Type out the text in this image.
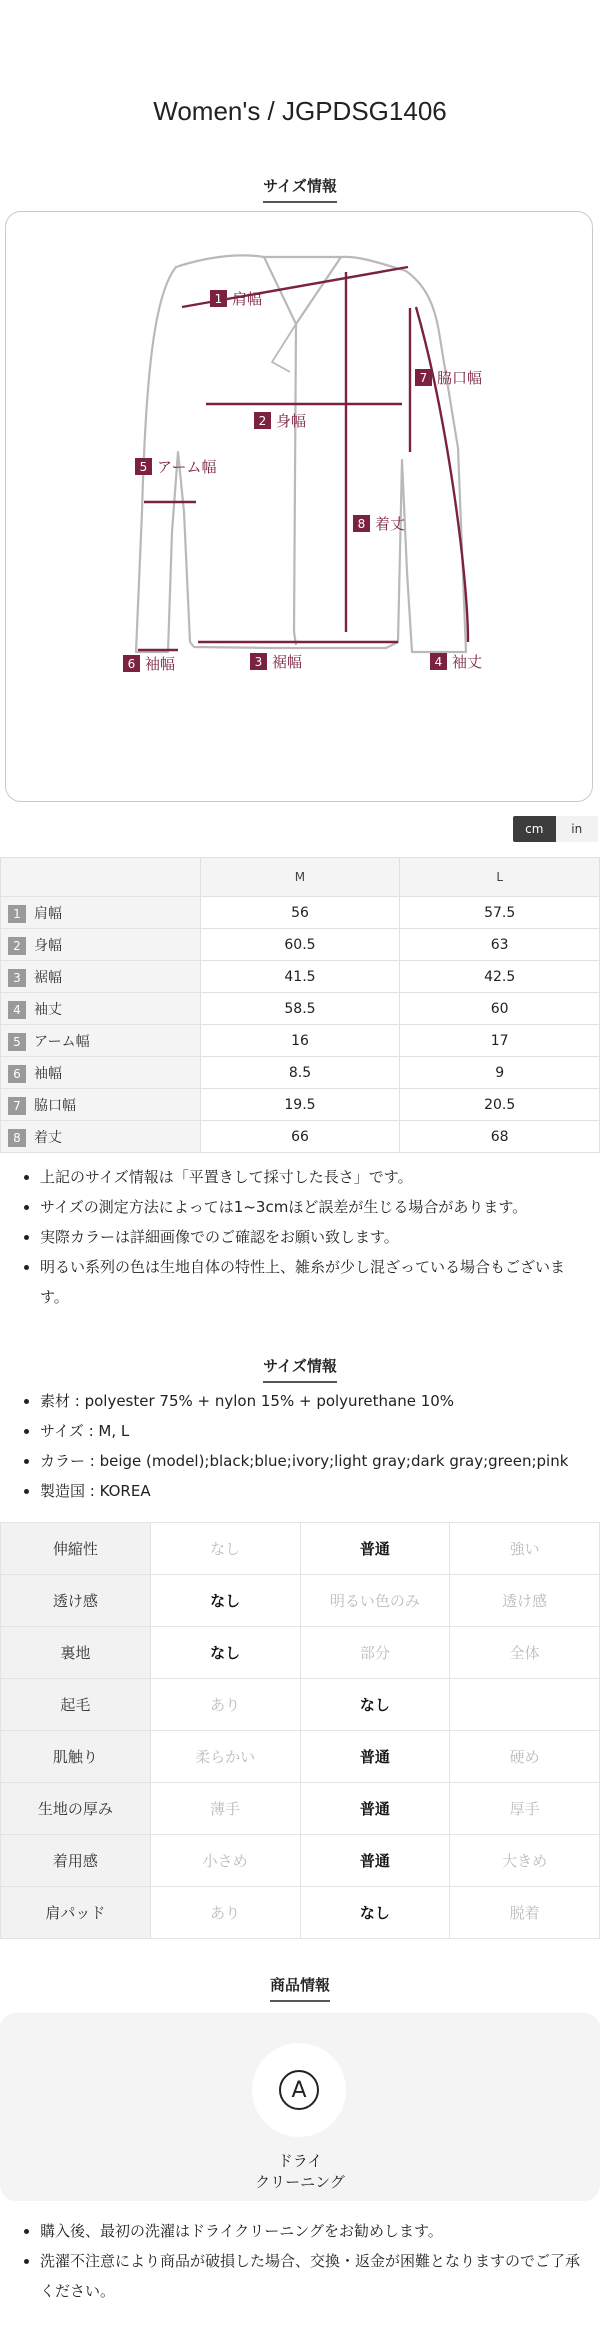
Women's / JGPDSG1406
サイズ情報
1 肩幅
2 身幅
3 裾幅	4 袖丈
5 アーム幅
6 袖幅
7 脇口幅
8 着丈
cm	in
	M	L
1 肩幅	56	57.5
2 身幅	60.5	63
3 裾幅	41.5	42.5
4 袖丈	58.5	60
5 アーム幅	16	17
6 袖幅	8.5	9
7 脇口幅	19.5	20.5
8 着丈	66	68
• 上記のサイズ情報は「平置きして採寸した長さ」です。
• サイズの測定方法によっては1~3cmほど誤差が生じる場合があります。
• 実際カラーは詳細画像でのご確認をお願い致します。
• 明るい系列の色は生地自体の特性上、雑糸が少し混ざっている場合もございます。
サイズ情報
• 素材 : polyester 75% + nylon 15% + polyurethane 10%
• サイズ : M, L
• カラー : beige (model);black;blue;ivory;light gray;dark gray;green;pink
• 製造国 : KOREA
伸縮性	なし	普通	強い
透け感	なし	明るい色のみ	透け感
裏地	なし	部分	全体
起毛	あり	なし	
肌触り	柔らかい	普通	硬め
生地の厚み	薄手	普通	厚手
着用感	小さめ	普通	大きめ
肩パッド	あり	なし	脱着
商品情報
A
ドライ
クリーニング
• 購入後、最初の洗濯はドライクリーニングをお勧めします。
• 洗濯不注意により商品が破損した場合、交換・返金が困難となりますのでご了承ください。
